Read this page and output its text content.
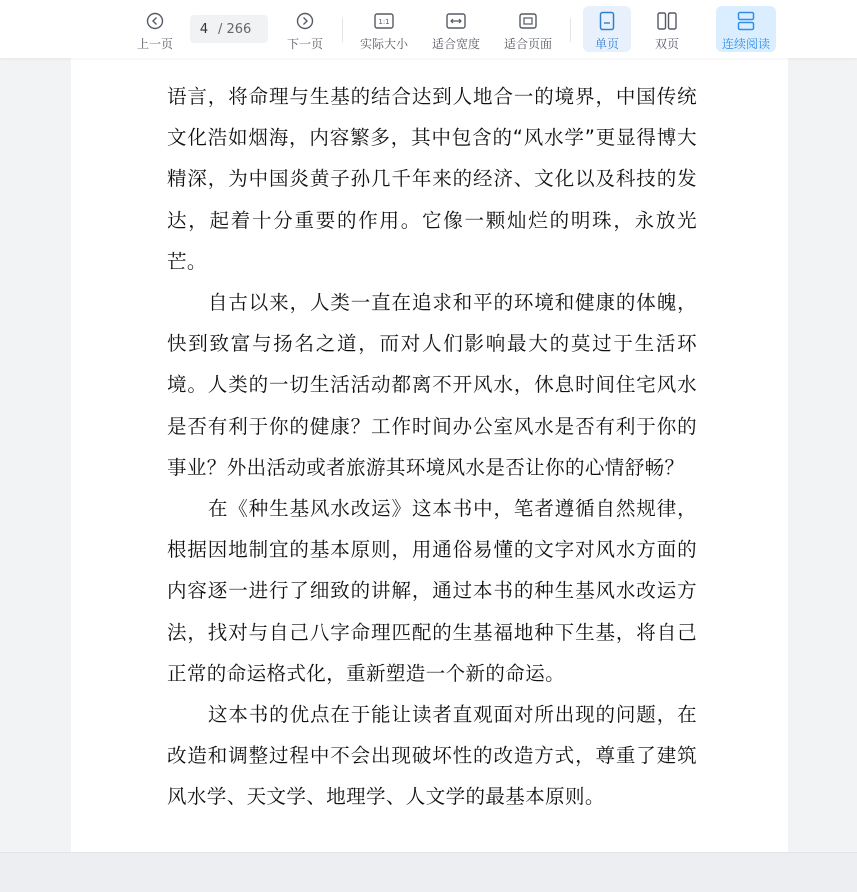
上一页
4 / 266
下一页
1:1
实际大小 适合宽度 适合页面	单页	双页	连续阅读

语言，将命理与生基的结合达到人地合一的境界，中国传统文化浩如烟海，内容繁多，其中包含的“风水学”更显得博大精深，为中国炎黄子孙几千年来的经济、文化以及科技的发达，起着十分重要的作用。它像一颗灿烂的明珠，永放光芒。

自古以来，人类一直在追求和平的环境和健康的体魄，快到致富与扬名之道，而对人们影响最大的莫过于生活环境。人类的一切生活活动都离不开风水，休息时间住宅风水是否有利于你的健康？工作时间办公室风水是否有利于你的事业？外出活动或者旅游其环境风水是否让你的心情舒畅？

在《种生基风水改运》这本书中，笔者遵循自然规律，根据因地制宜的基本原则，用通俗易懂的文字对风水方面的内容逐一进行了细致的讲解，通过本书的种生基风水改运方法，找对与自己八字命理匹配的生基福地种下生基，将自己正常的命运格式化，重新塑造一个新的命运。

这本书的优点在于能让读者直观面对所出现的问题，在改造和调整过程中不会出现破坏性的改造方式，尊重了建筑风水学、天文学、地理学、人文学的最基本原则。
